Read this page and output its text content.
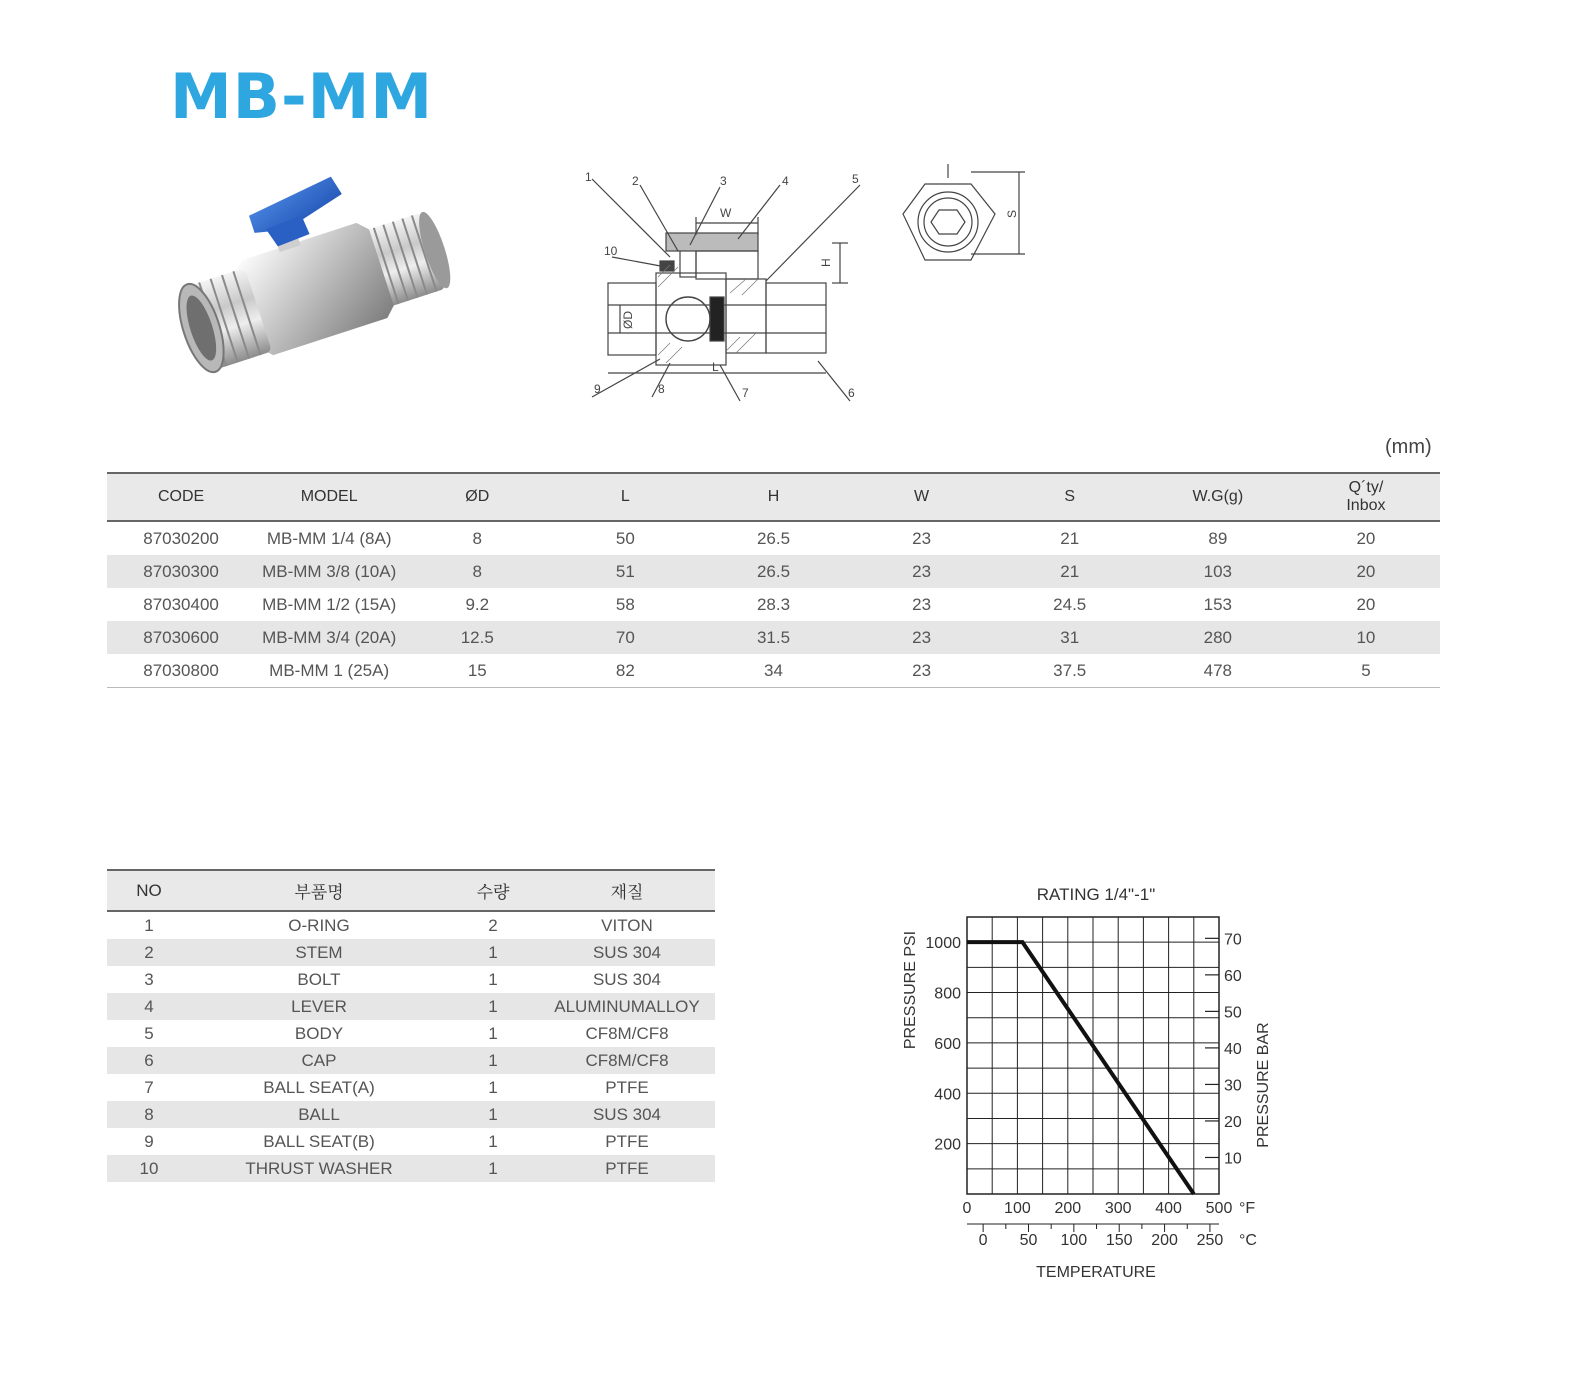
MB-MM
1	2	3	4	5
6
7
8
9
10
W
H
ØD
L
S
(mm)
CODE	MODEL	ØD	L	H	W	S	W.G(g)	Q´ty/
Inbox
87030200	MB-MM 1/4 (8A)	8	50	26.5	23	21	89	20
87030300	MB-MM 3/8 (10A)	8	51	26.5	23	21	103	20
87030400	MB-MM 1/2 (15A)	9.2	58	28.3	23	24.5	153	20
87030600	MB-MM 3/4 (20A)	12.5	70	31.5	23	31	280	10
87030800	MB-MM 1 (25A)	15	82	34	23	37.5	478	5
NO	부품명	수량	재질
1	O-RING	2	VITON
2	STEM	1	SUS 304
3	BOLT	1	SUS 304
4	LEVER	1	ALUMINUMALLOY
5	BODY	1	CF8M/CF8
6	CAP	1	CF8M/CF8
7	BALL SEAT(A)	1	PTFE
8	BALL	1	SUS 304
9	BALL SEAT(B)	1	PTFE
10	THRUST WASHER	1	PTFE
RATING 1/4"-1"
0 100 200 300 400 500
0 50 100 150 200 250
200
400
600
800
1000
10
20
30
40
50
60
70
TEMPERATURE
PRESSURE PSI
PRESSURE BAR
°F
°C
